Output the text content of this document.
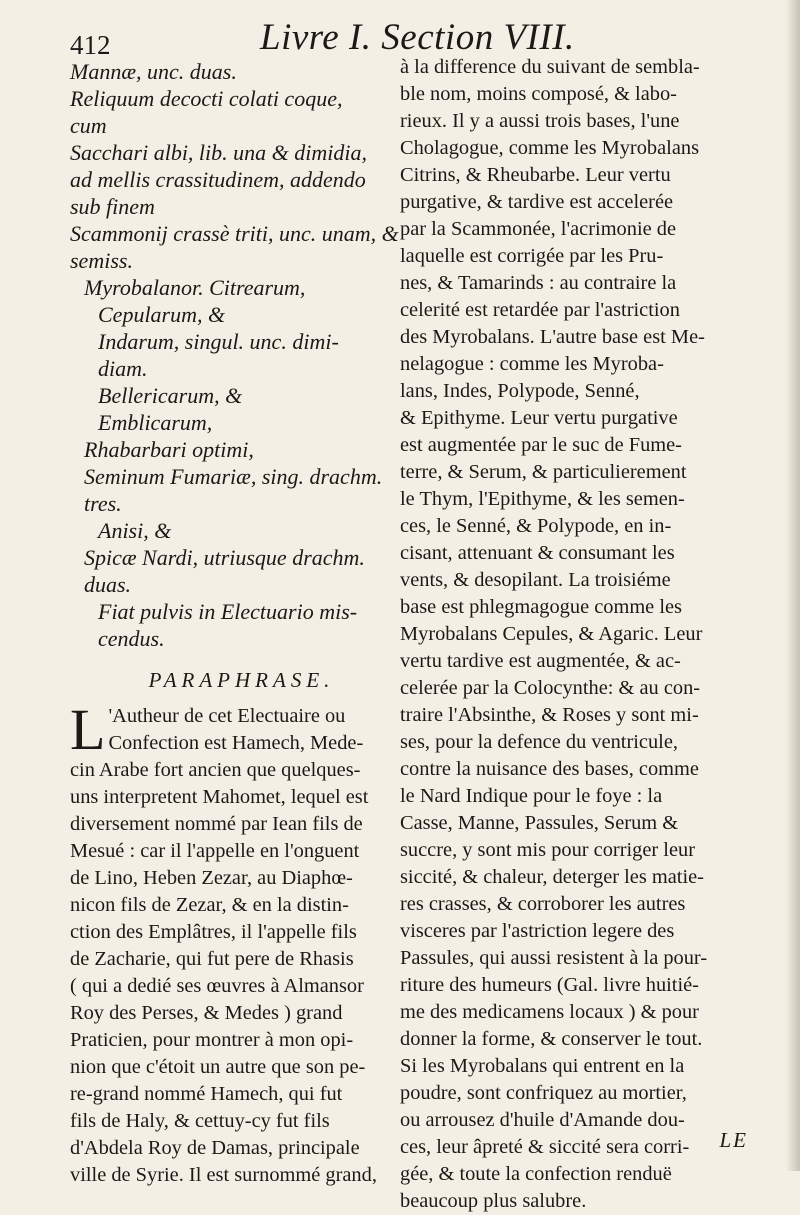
412	Livre I. Section VIII.
Mannæ, unc. duas.
Reliquum decocti colati coque,
cum
Sacchari albi, lib. una & dimidia,
ad mellis crassitudinem, addendo
sub finem
Scammonij crassè triti, unc. unam, &
semiss.
Myrobalanor. Citrearum,
Cepularum, &
Indarum, singul. unc. dimi-
diam.
Bellericarum, &
Emblicarum,
Rhabarbari optimi,
Seminum Fumariæ, sing. drachm.
tres.
Anisi, &
Spicæ Nardi, utriusque drachm.
duas.
Fiat pulvis in Electuario mis-
cendus.
PARAPHRASE.
L 'Autheur de cet Electuaire ou
Confection est Hamech, Mede-
cin Arabe fort ancien que quelques-
uns interpretent Mahomet, lequel est
diversement nommé par Iean fils de
Mesué : car il l'appelle en l'onguent
de Lino, Heben Zezar, au Diaphœ-
nicon fils de Zezar, & en la distin-
ction des Emplâtres, il l'appelle fils
de Zacharie, qui fut pere de Rhasis
( qui a dedié ses œuvres à Almansor
Roy des Perses, & Medes ) grand
Praticien, pour montrer à mon opi-
nion que c'étoit un autre que son pe-
re-grand nommé Hamech, qui fut
fils de Haly, & cettuy-cy fut fils
d'Abdela Roy de Damas, principale
ville de Syrie. Il est surnommé grand,
à la difference du suivant de sembla-
ble nom, moins composé, & labo-
rieux. Il y a aussi trois bases, l'une
Cholagogue, comme les Myrobalans
Citrins, & Rheubarbe. Leur vertu
purgative, & tardive est accelerée
par la Scammonée, l'acrimonie de
laquelle est corrigée par les Pru-
nes, & Tamarinds : au contraire la
celerité est retardée par l'astriction
des Myrobalans. L'autre base est Me-
nelagogue : comme les Myroba-
lans, Indes, Polypode, Senné,
& Epithyme. Leur vertu purgative
est augmentée par le suc de Fume-
terre, & Serum, & particulierement
le Thym, l'Epithyme, & les semen-
ces, le Senné, & Polypode, en in-
cisant, attenuant & consumant les
vents, & desopilant. La troisiéme
base est phlegmagogue comme les
Myrobalans Cepules, & Agaric. Leur
vertu tardive est augmentée, & ac-
celerée par la Colocynthe: & au con-
traire l'Absinthe, & Roses y sont mi-
ses, pour la defence du ventricule,
contre la nuisance des bases, comme
le Nard Indique pour le foye : la
Casse, Manne, Passules, Serum &
succre, y sont mis pour corriger leur
siccité, & chaleur, deterger les matie-
res crasses, & corroborer les autres
visceres par l'astriction legere des
Passules, qui aussi resistent à la pour-
riture des humeurs (Gal. livre huitié-
me des medicamens locaux ) & pour
donner la forme, & conserver le tout.
Si les Myrobalans qui entrent en la
poudre, sont confriquez au mortier,
ou arrousez d'huile d'Amande dou-
ces, leur âpreté & siccité sera corri-
gée, & toute la confection renduë
beaucoup plus salubre.
LE
